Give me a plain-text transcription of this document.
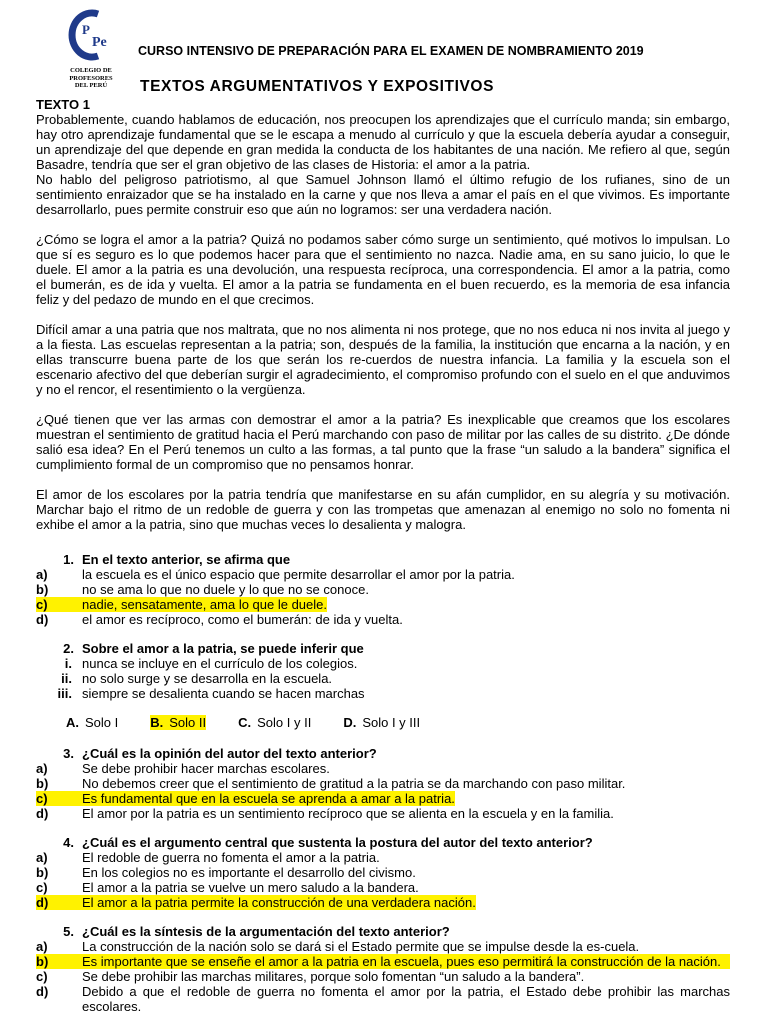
P
Pe
COLEGIO DE
PROFESORES
DEL PERÚ
CURSO INTENSIVO DE PREPARACIÓN PARA EL EXAMEN DE NOMBRAMIENTO 2019
TEXTOS ARGUMENTATIVOS Y EXPOSITIVOS
TEXTO 1

Probablemente, cuando hablamos de educación, nos preocupen los aprendizajes que el currículo manda; sin embargo, hay otro aprendizaje fundamental que se le escapa a menudo al currículo y que la escuela debería ayudar a conseguir, un aprendizaje del que depende en gran medida la conducta de los habitantes de una nación. Me refiero al que, según Basadre, tendría que ser el gran objetivo de las clases de Historia: el amor a la patria.

No hablo del peligroso patriotismo, al que Samuel Johnson llamó el último refugio de los rufianes, sino de un sentimiento enraizador que se ha instalado en la carne y que nos lleva a amar el país en el que vivimos. Es importante desarrollarlo, pues permite construir eso que aún no logramos: ser una verdadera nación.

¿Cómo se logra el amor a la patria? Quizá no podamos saber cómo surge un sentimiento, qué motivos lo impulsan. Lo que sí es seguro es lo que podemos hacer para que el sentimiento no nazca. Nadie ama, en su sano juicio, lo que le duele. El amor a la patria es una devolución, una respuesta recíproca, una correspondencia. El amor a la patria, como el bumerán, es de ida y vuelta. El amor a la patria se fundamenta en el buen recuerdo, es la memoria de esa infancia feliz y del pedazo de mundo en el que crecimos.

Difícil amar a una patria que nos maltrata, que no nos alimenta ni nos protege, que no nos educa ni nos invita al juego y a la fiesta. Las escuelas representan a la patria; son, después de la familia, la institución que encarna a la nación, y en ellas transcurre buena parte de los que serán los re-cuerdos de nuestra infancia. La familia y la escuela son el escenario afectivo del que deberían surgir el agradecimiento, el compromiso profundo con el suelo en el que anduvimos y no el rencor, el resentimiento o la vergüenza.

¿Qué tienen que ver las armas con demostrar el amor a la patria? Es inexplicable que creamos que los escolares muestran el sentimiento de gratitud hacia el Perú marchando con paso de militar por las calles de su distrito. ¿De dónde salió esa idea? En el Perú tenemos un culto a las formas, a tal punto que la frase “un saludo a la bandera” significa el cumplimiento formal de un compromiso que no pensamos honrar.

El amor de los escolares por la patria tendría que manifestarse en su afán cumplidor, en su alegría y su motivación. Marchar bajo el ritmo de un redoble de guerra y con las trompetas que amenazan al enemigo no solo no fomenta ni exhibe el amor a la patria, sino que muchas veces lo desalienta y malogra.

1. En el texto anterior, se afirma que
a)	la escuela es el único espacio que permite desarrollar el amor por la patria.
b)	no se ama lo que no duele y lo que no se conoce.
c)	nadie, sensatamente, ama lo que le duele.
d)	el amor es recíproco, como el bumerán: de ida y vuelta.
2. Sobre el amor a la patria, se puede inferir que
i. nunca se incluye en el currículo de los colegios.
ii. no solo surge y se desarrolla en la escuela.
iii. siempre se desalienta cuando se hacen marchas
A. Solo I B. Solo II C. Solo I y II D. Solo I y III
3. ¿Cuál es la opinión del autor del texto anterior?
a)	Se debe prohibir hacer marchas escolares.
b)	No debemos creer que el sentimiento de gratitud a la patria se da marchando con paso militar.
c)	Es fundamental que en la escuela se aprenda a amar a la patria.
d)	El amor por la patria es un sentimiento recíproco que se alienta en la escuela y en la familia.
4. ¿Cuál es el argumento central que sustenta la postura del autor del texto anterior?
a)	El redoble de guerra no fomenta el amor a la patria.
b)	En los colegios no es importante el desarrollo del civismo.
c)	El amor a la patria se vuelve un mero saludo a la bandera.
d)	El amor a la patria permite la construcción de una verdadera nación.
5. ¿Cuál es la síntesis de la argumentación del texto anterior?
a)	La construcción de la nación solo se dará si el Estado permite que se impulse desde la es-cuela.
b)	Es importante que se enseñe el amor a la patria en la escuela, pues eso permitirá la construcción de la nación.
c)	Se debe prohibir las marchas militares, porque solo fomentan “un saludo a la bandera”.
d)	Debido a que el redoble de guerra no fomenta el amor por la patria, el Estado debe prohibir las marchas escolares.
